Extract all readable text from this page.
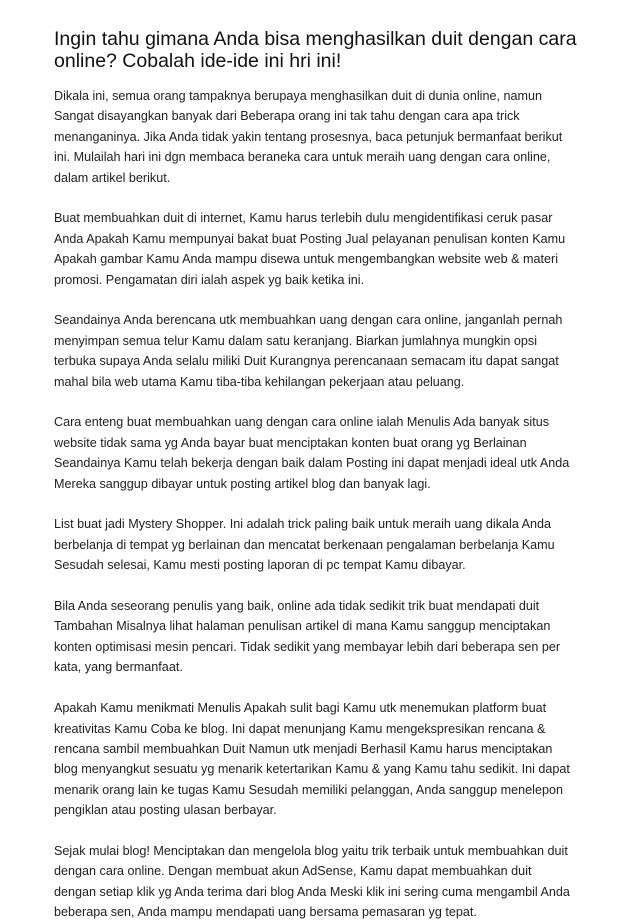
Ingin tahu gimana Anda bisa menghasilkan duit dengan cara
online? Cobalah ide-ide ini hri ini!

Dikala ini, semua orang tampaknya berupaya menghasilkan duit di dunia online, namun
Sangat disayangkan banyak dari Beberapa orang ini tak tahu dengan cara apa trick
menanganinya. Jika Anda tidak yakin tentang prosesnya, baca petunjuk bermanfaat berikut
ini. Mulailah hari ini dgn membaca beraneka cara untuk meraih uang dengan cara online,
dalam artikel berikut.

Buat membuahkan duit di internet, Kamu harus terlebih dulu mengidentifikasi ceruk pasar
Anda Apakah Kamu mempunyai bakat buat Posting Jual pelayanan penulisan konten Kamu
Apakah gambar Kamu Anda mampu disewa untuk mengembangkan website web & materi
promosi. Pengamatan diri ialah aspek yg baik ketika ini.

Seandainya Anda berencana utk membuahkan uang dengan cara online, janganlah pernah
menyimpan semua telur Kamu dalam satu keranjang. Biarkan jumlahnya mungkin opsi
terbuka supaya Anda selalu miliki Duit Kurangnya perencanaan semacam itu dapat sangat
mahal bila web utama Kamu tiba-tiba kehilangan pekerjaan atau peluang.

Cara enteng buat membuahkan uang dengan cara online ialah Menulis Ada banyak situs
website tidak sama yg Anda bayar buat menciptakan konten buat orang yg Berlainan
Seandainya Kamu telah bekerja dengan baik dalam Posting ini dapat menjadi ideal utk Anda
Mereka sanggup dibayar untuk posting artikel blog dan banyak lagi.

List buat jadi Mystery Shopper. Ini adalah trick paling baik untuk meraih uang dikala Anda
berbelanja di tempat yg berlainan dan mencatat berkenaan pengalaman berbelanja Kamu
Sesudah selesai, Kamu mesti posting laporan di pc tempat Kamu dibayar.

Bila Anda seseorang penulis yang baik, online ada tidak sedikit trik buat mendapati duit
Tambahan Misalnya lihat halaman penulisan artikel di mana Kamu sanggup menciptakan
konten optimisasi mesin pencari. Tidak sedikit yang membayar lebih dari beberapa sen per
kata, yang bermanfaat.

Apakah Kamu menikmati Menulis Apakah sulit bagi Kamu utk menemukan platform buat
kreativitas Kamu Coba ke blog. Ini dapat menunjang Kamu mengekspresikan rencana &
rencana sambil membuahkan Duit Namun utk menjadi Berhasil Kamu harus menciptakan
blog menyangkut sesuatu yg menarik ketertarikan Kamu & yang Kamu tahu sedikit. Ini dapat
menarik orang lain ke tugas Kamu Sesudah memiliki pelanggan, Anda sanggup menelepon
pengiklan atau posting ulasan berbayar.

Sejak mulai blog! Menciptakan dan mengelola blog yaitu trik terbaik untuk membuahkan duit
dengan cara online. Dengan membuat akun AdSense, Kamu dapat membuahkan duit
dengan setiap klik yg Anda terima dari blog Anda Meski klik ini sering cuma mengambil Anda
beberapa sen, Anda mampu mendapati uang bersama pemasaran yg tepat.
